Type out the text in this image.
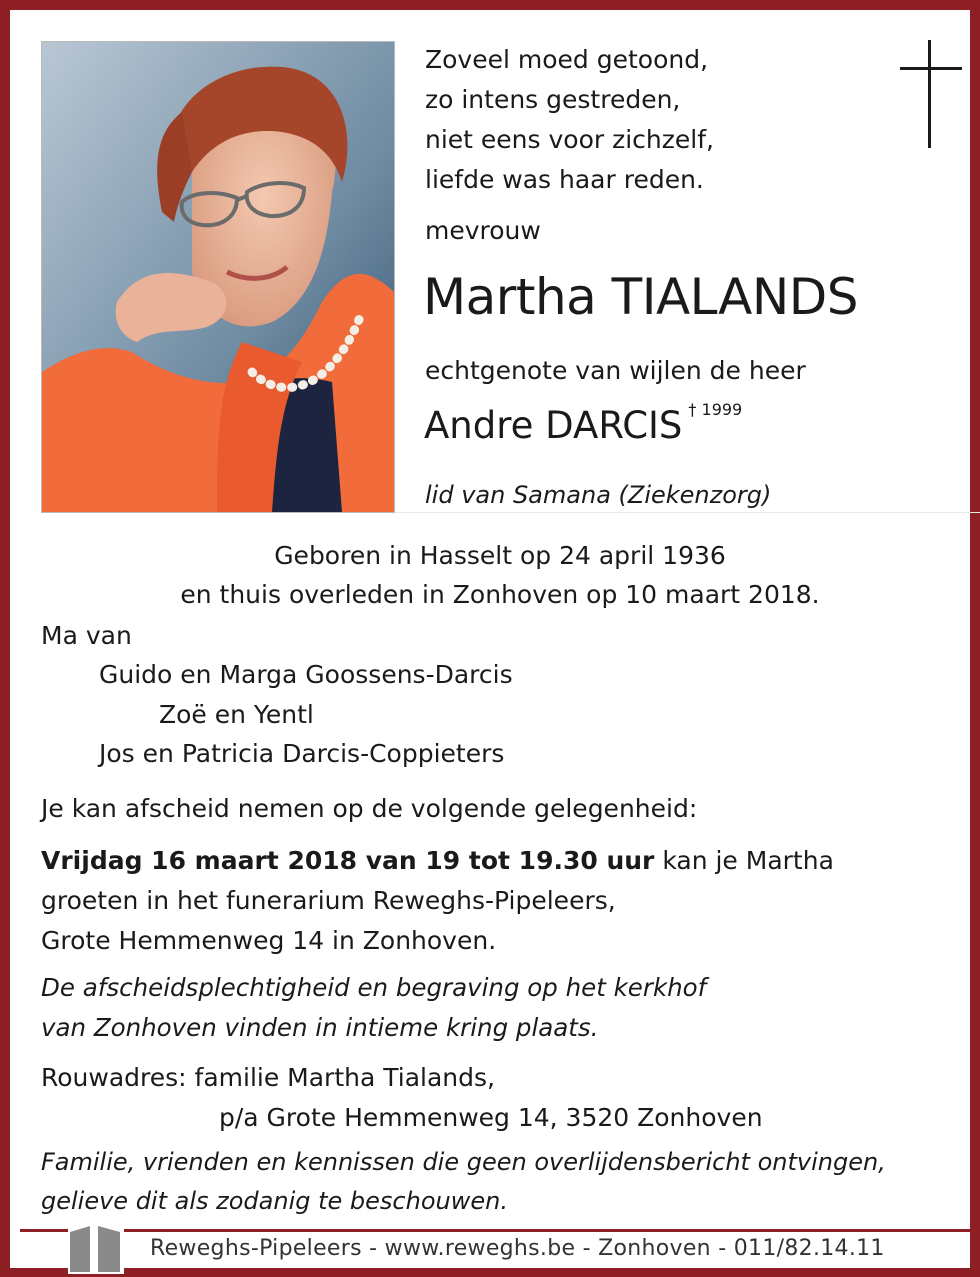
Zoveel moed getoond,
zo intens gestreden,
niet eens voor zichzelf,
liefde was haar reden.
mevrouw
Martha TIALANDS
echtgenote van wijlen de heer
Andre DARCIS $^{\dagger 1999}$
lid van Samana (Ziekenzorg)
Geboren in Hasselt op 24 april 1936
en thuis overleden in Zonhoven op 10 maart 2018.
Ma van
Guido en Marga Goossens-Darcis
Zoë en Yentl
Jos en Patricia Darcis-Coppieters
Je kan afscheid nemen op de volgende gelegenheid:
Vrijdag 16 maart 2018 van 19 tot 19.30 uur kan je Martha
groeten in het funerarium Reweghs-Pipeleers,
Grote Hemmenweg 14 in Zonhoven.
De afscheidsplechtigheid en begraving op het kerkhof
van Zonhoven vinden in intieme kring plaats.
Rouwadres: familie Martha Tialands,
p/a Grote Hemmenweg 14, 3520 Zonhoven
Familie, vrienden en kennissen die geen overlijdensbericht ontvingen,
gelieve dit als zodanig te beschouwen.
Reweghs-Pipeleers - www.reweghs.be - Zonhoven - 011/82.14.11
